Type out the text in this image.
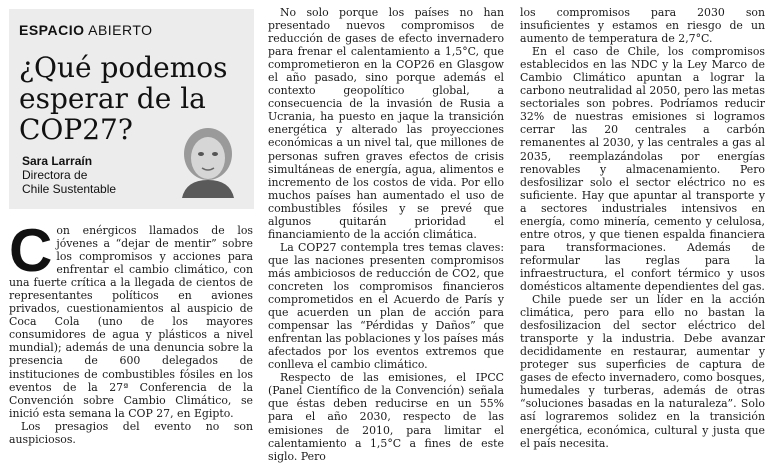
ESPACIO ABIERTO
¿Qué podemos esperar de la COP27?
Sara Larraín
Directora de
Chile Sustentable

Con enérgicos llamados de los jóvenes a “dejar de mentir” sobre los compromisos y acciones para enfrentar el cambio climático, con una fuerte crítica a la llegada de cientos de representantes políticos en aviones privados, cuestionamientos al auspicio de Coca Cola (uno de los mayores consumidores de agua y plásticos a nivel mundial); además de una denuncia sobre la presencia de 600 delegados de instituciones de combustibles fósiles en los eventos de la 27ª Conferencia de la Convención sobre Cambio Climático, se inició esta semana la COP 27, en Egipto.

Los presagios del evento no son auspiciosos.

No solo porque los países no han presentado nuevos compromisos de reducción de gases de efecto invernadero para frenar el calentamiento a 1,5°C, que comprometieron en la COP26 en Glasgow el año pasado, sino porque además el contexto geopolítico global, a consecuencia de la invasión de Rusia a Ucrania, ha puesto en jaque la transición energética y alterado las proyecciones económicas a un nivel tal, que millones de personas sufren graves efectos de crisis simultáneas de energía, agua, alimentos e incremento de los costos de vida. Por ello muchos países han aumentado el uso de combustibles fósiles y se prevé que algunos quitarán prioridad el financiamiento de la acción climática.

La COP27 contempla tres temas claves: que las naciones presenten compromisos más ambiciosos de reducción de CO2, que concreten los compromisos financieros comprometidos en el Acuerdo de París y que acuerden un plan de acción para compensar las “Pérdidas y Daños” que enfrentan las poblaciones y los países más afectados por los eventos extremos que conlleva el cambio climático.

Respecto de las emisiones, el IPCC (Panel Científico de la Convención) señala que éstas deben reducirse en un 55% para el año 2030, respecto de las emisiones de 2010, para limitar el calentamiento a 1,5°C a fines de este siglo. Pero

los compromisos para 2030 son insuficientes y estamos en riesgo de un aumento de temperatura de 2,7°C.

En el caso de Chile, los compromisos establecidos en las NDC y la Ley Marco de Cambio Climático apuntan a lograr la carbono neutralidad al 2050, pero las metas sectoriales son pobres. Podríamos reducir 32% de nuestras emisiones si logramos cerrar las 20 centrales a carbón remanentes al 2030, y las centrales a gas al 2035, reemplazándolas por energías renovables y almacenamiento. Pero desfosilizar solo el sector eléctrico no es suficiente. Hay que apuntar al transporte y a sectores industriales intensivos en energía, como minería, cemento y celulosa, entre otros, y que tienen espalda financiera para transformaciones. Además de reformular las reglas para la infraestructura, el confort térmico y usos domésticos altamente dependientes del gas.

Chile puede ser un líder en la acción climática, pero para ello no bastan la desfosilizacion del sector eléctrico del transporte y la industria. Debe avanzar decididamente en restaurar, aumentar y proteger sus superficies de captura de gases de efecto invernadero, como bosques, humedales y turberas, además de otras “soluciones basadas en la naturaleza”. Solo así lograremos solidez en la transición energética, económica, cultural y justa que el país necesita.
